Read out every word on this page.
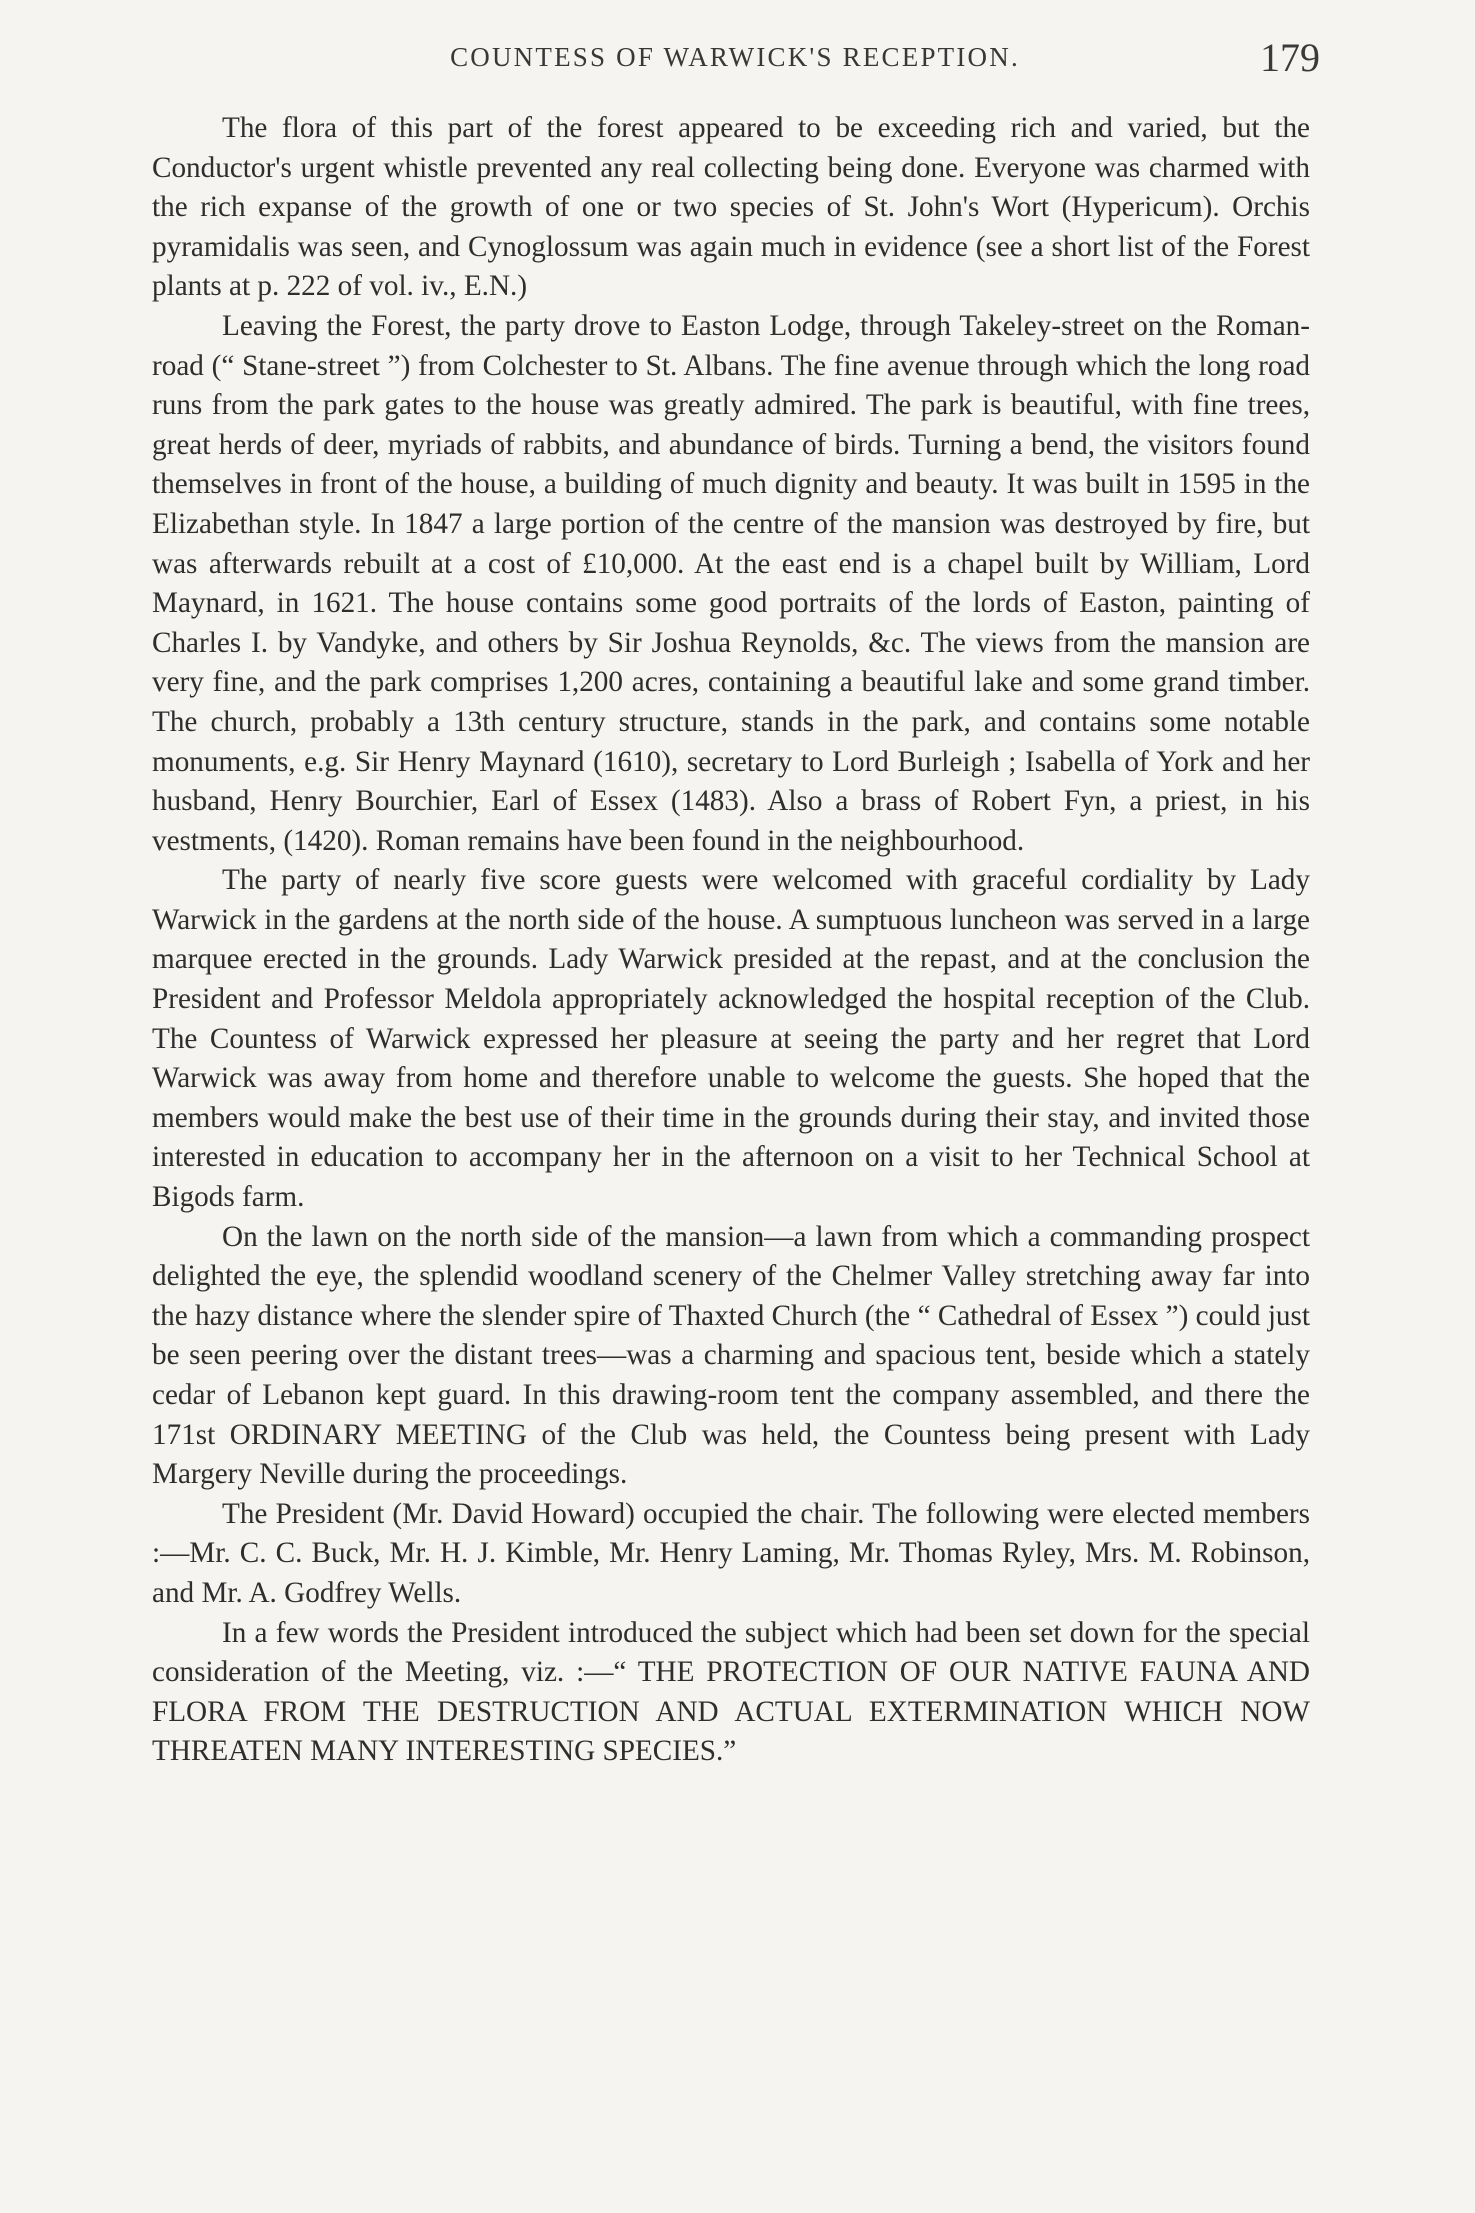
COUNTESS OF WARWICK'S RECEPTION.	179

The flora of this part of the forest appeared to be exceeding rich and varied, but the Conductor's urgent whistle prevented any real collecting being done. Everyone was charmed with the rich expanse of the growth of one or two species of St. John's Wort (Hypericum). Orchis pyramidalis was seen, and Cynoglossum was again much in evidence (see a short list of the Forest plants at p. 222 of vol. iv., E.N.)

Leaving the Forest, the party drove to Easton Lodge, through Takeley-street on the Roman-road (“ Stane-street ”) from Colchester to St. Albans. The fine avenue through which the long road runs from the park gates to the house was greatly admired. The park is beautiful, with fine trees, great herds of deer, myriads of rabbits, and abundance of birds. Turning a bend, the visitors found themselves in front of the house, a building of much dignity and beauty. It was built in 1595 in the Elizabethan style. In 1847 a large portion of the centre of the mansion was destroyed by fire, but was afterwards rebuilt at a cost of £10,000. At the east end is a chapel built by William, Lord Maynard, in 1621. The house contains some good portraits of the lords of Easton, painting of Charles I. by Vandyke, and others by Sir Joshua Reynolds, &c. The views from the mansion are very fine, and the park comprises 1,200 acres, containing a beautiful lake and some grand timber. The church, probably a 13th century structure, stands in the park, and contains some notable monuments, e.g. Sir Henry Maynard (1610), secretary to Lord Burleigh ; Isabella of York and her husband, Henry Bourchier, Earl of Essex (1483). Also a brass of Robert Fyn, a priest, in his vestments, (1420). Roman remains have been found in the neighbourhood.

The party of nearly five score guests were welcomed with graceful cordiality by Lady Warwick in the gardens at the north side of the house. A sumptuous luncheon was served in a large marquee erected in the grounds. Lady Warwick presided at the repast, and at the conclusion the President and Professor Meldola appropriately acknowledged the hospital reception of the Club. The Countess of Warwick expressed her pleasure at seeing the party and her regret that Lord Warwick was away from home and therefore unable to welcome the guests. She hoped that the members would make the best use of their time in the grounds during their stay, and invited those interested in education to accompany her in the afternoon on a visit to her Technical School at Bigods farm.

On the lawn on the north side of the mansion—a lawn from which a commanding prospect delighted the eye, the splendid woodland scenery of the Chelmer Valley stretching away far into the hazy distance where the slender spire of Thaxted Church (the “ Cathedral of Essex ”) could just be seen peering over the distant trees—was a charming and spacious tent, beside which a stately cedar of Lebanon kept guard. In this drawing-room tent the company assembled, and there the 171st ORDINARY MEETING of the Club was held, the Countess being present with Lady Margery Neville during the proceedings.

The President (Mr. David Howard) occupied the chair. The following were elected members :—Mr. C. C. Buck, Mr. H. J. Kimble, Mr. Henry Laming, Mr. Thomas Ryley, Mrs. M. Robinson, and Mr. A. Godfrey Wells.

In a few words the President introduced the subject which had been set down for the special consideration of the Meeting, viz. :—“ THE PROTECTION OF OUR NATIVE FAUNA AND FLORA FROM THE DESTRUCTION AND ACTUAL EXTERMINATION WHICH NOW THREATEN MANY INTERESTING SPECIES.”
